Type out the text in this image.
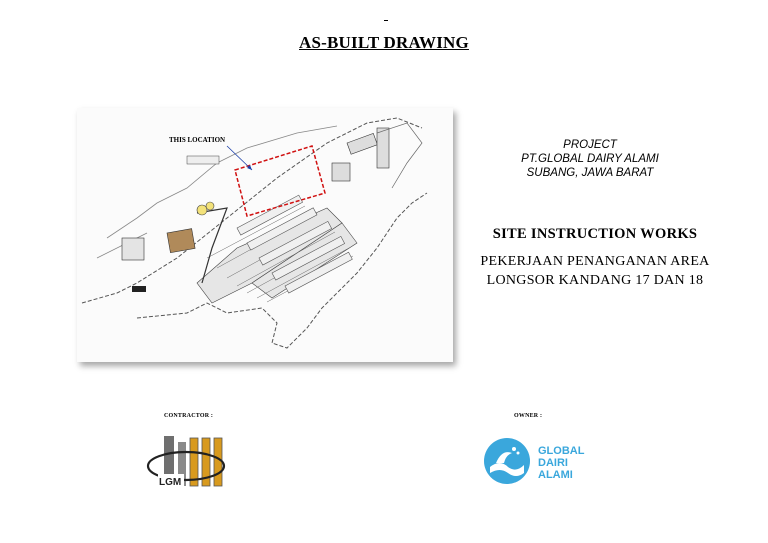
AS-BUILT DRAWING
THIS LOCATION	PROJECT
PT.GLOBAL DAIRY ALAMI
SUBANG, JAWA BARAT
SITE INSTRUCTION WORKS
PEKERJAAN PENANGANAN AREA
LONGSOR KANDANG 17 DAN 18
CONTRACTOR :	OWNER :
LGM
GLOBAL
DAIRI
ALAMI
